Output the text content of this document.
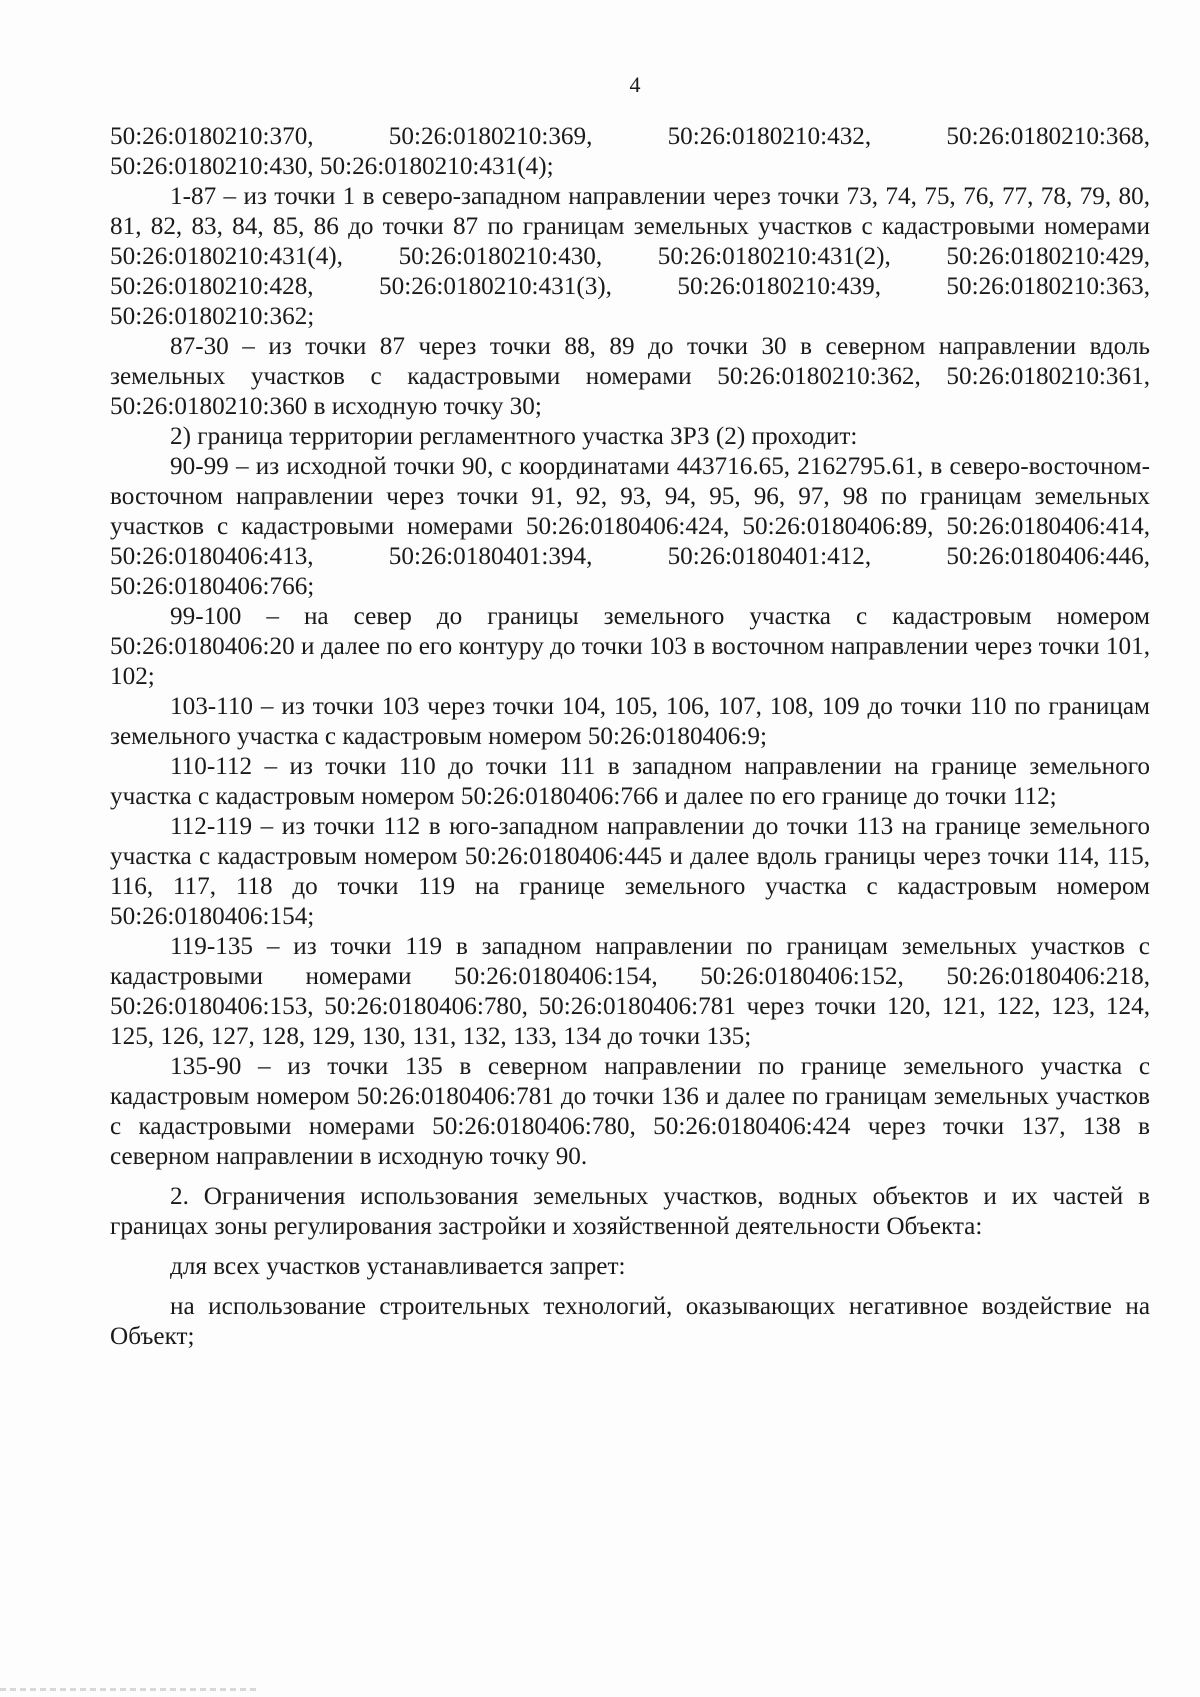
4

50:26:0180210:370, 50:26:0180210:369, 50:26:0180210:432, 50:26:0180210:368, 50:26:0180210:430, 50:26:0180210:431(4);

1-87 – из точки 1 в северо-западном направлении через точки 73, 74, 75, 76, 77, 78, 79, 80, 81, 82, 83, 84, 85, 86 до точки 87 по границам земельных участков с кадастровыми номерами 50:26:0180210:431(4), 50:26:0180210:430, 50:26:0180210:431(2), 50:26:0180210:429, 50:26:0180210:428, 50:26:0180210:431(3), 50:26:0180210:439, 50:26:0180210:363, 50:26:0180210:362;

87-30 – из точки 87 через точки 88, 89 до точки 30 в северном направлении вдоль земельных участков с кадастровыми номерами 50:26:0180210:362, 50:26:0180210:361, 50:26:0180210:360 в исходную точку 30;

2) граница территории регламентного участка ЗРЗ (2) проходит:

90-99 – из исходной точки 90, с координатами 443716.65, 2162795.61, в северо-восточном-восточном направлении через точки 91, 92, 93, 94, 95, 96, 97, 98 по границам земельных участков с кадастровыми номерами 50:26:0180406:424, 50:26:0180406:89, 50:26:0180406:414, 50:26:0180406:413, 50:26:0180401:394, 50:26:0180401:412, 50:26:0180406:446, 50:26:0180406:766;

99-100 – на север до границы земельного участка с кадастровым номером 50:26:0180406:20 и далее по его контуру до точки 103 в восточном направлении через точки 101, 102;

103-110 – из точки 103 через точки 104, 105, 106, 107, 108, 109 до точки 110 по границам земельного участка с кадастровым номером 50:26:0180406:9;

110-112 – из точки 110 до точки 111 в западном направлении на границе земельного участка с кадастровым номером 50:26:0180406:766 и далее по его границе до точки 112;

112-119 – из точки 112 в юго-западном направлении до точки 113 на границе земельного участка с кадастровым номером 50:26:0180406:445 и далее вдоль границы через точки 114, 115, 116, 117, 118 до точки 119 на границе земельного участка с кадастровым номером 50:26:0180406:154;

119-135 – из точки 119 в западном направлении по границам земельных участков с кадастровыми номерами 50:26:0180406:154, 50:26:0180406:152, 50:26:0180406:218, 50:26:0180406:153, 50:26:0180406:780, 50:26:0180406:781 через точки 120, 121, 122, 123, 124, 125, 126, 127, 128, 129, 130, 131, 132, 133, 134 до точки 135;

135-90 – из точки 135 в северном направлении по границе земельного участка с кадастровым номером 50:26:0180406:781 до точки 136 и далее по границам земельных участков с кадастровыми номерами 50:26:0180406:780, 50:26:0180406:424 через точки 137, 138 в северном направлении в исходную точку 90.

2. Ограничения использования земельных участков, водных объектов и их частей в границах зоны регулирования застройки и хозяйственной деятельности Объекта:

для всех участков устанавливается запрет:

на использование строительных технологий, оказывающих негативное воздействие на Объект;
